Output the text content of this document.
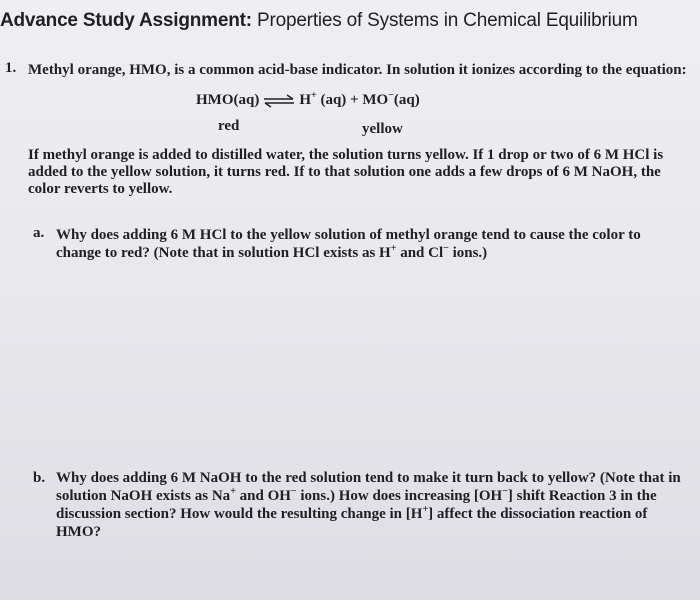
Advance Study Assignment: Properties of Systems in Chemical Equilibrium
1. Methyl orange, HMO, is a common acid-base indicator. In solution it ionizes according to the equation:
HMO(aq) ⇌ H+ (aq) + MO−(aq)
red	yellow
If methyl orange is added to distilled water, the solution turns yellow. If 1 drop or two of 6 M HCl is added to the yellow solution, it turns red. If to that solution one adds a few drops of 6 M NaOH, the color reverts to yellow.
a. Why does adding 6 M HCl to the yellow solution of methyl orange tend to cause the color to change to red? (Note that in solution HCl exists as H+ and Cl− ions.)
b. Why does adding 6 M NaOH to the red solution tend to make it turn back to yellow? (Note that in solution NaOH exists as Na+ and OH− ions.) How does increasing [OH−] shift Reaction 3 in the discussion section? How would the resulting change in [H+] affect the dissociation reaction of HMO?
